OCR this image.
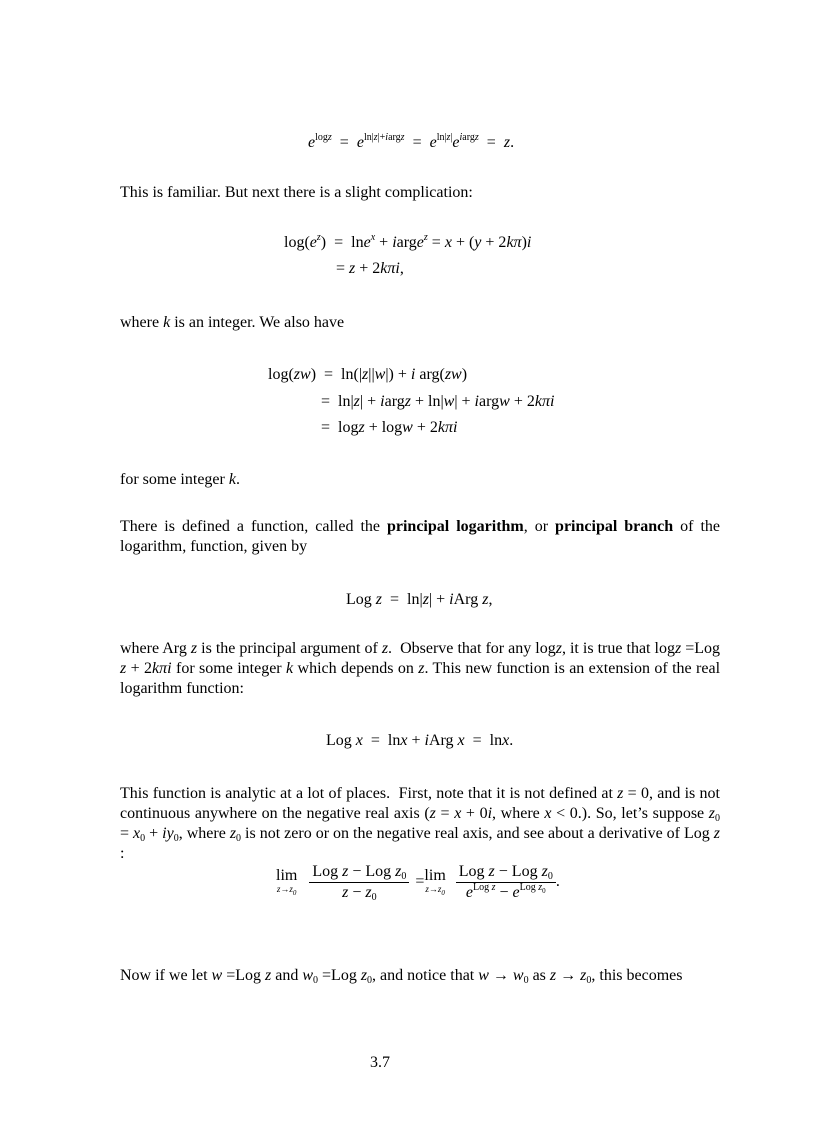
$e^{logz} = e^{ln|z|+iargz} = e^{ln|z|}e^{iargz} = z$.
This is familiar. But next there is a slight complication:
$\log(e^z) = \ln e^x$ + iarge$^z$ = x + (y + 2kπ)i
= z + 2kπi,
where k is an integer. We also have
log(zw)  =  ln(|z||w|) + i arg(zw)
=  ln|z| + iargz + ln|w| + iargw + 2kπi
=  logz + logw + 2kπi
for some integer k.
There is defined a function, called the principal logarithm, or principal branch of the logarithm, function, given by
Log z  =  ln|z| + iArg z,
where Arg z is the principal argument of z.  Observe that for any logz, it is true that logz =Log z + 2kπi for some integer k which depends on z. This new function is an extension of the real logarithm function:
Log x  =  lnx + iArg x  =  lnx.
This function is analytic at a lot of places.  First, note that it is not defined at z = 0, and is not continuous anywhere on the negative real axis (z = x + 0i, where x < 0.). So, let’s suppose $z_0 = x_0 + iy_0$, where $z_0$ is not zero or on the negative real axis, and see about a derivative of Log z :
lim
$z\to z_0$
$\frac{Log z - Log z_0}{z - z_0} =\lim$
$z\to z_0$
$\frac{Log z - Log z_0}{e^{Log z} - e^{Log z_0}}$ .
Now if we let w =Log z and $w_0 =Log$ $z_0$, and notice that $w \to w_0$ as $z \to z_0$, this becomes
3.7
